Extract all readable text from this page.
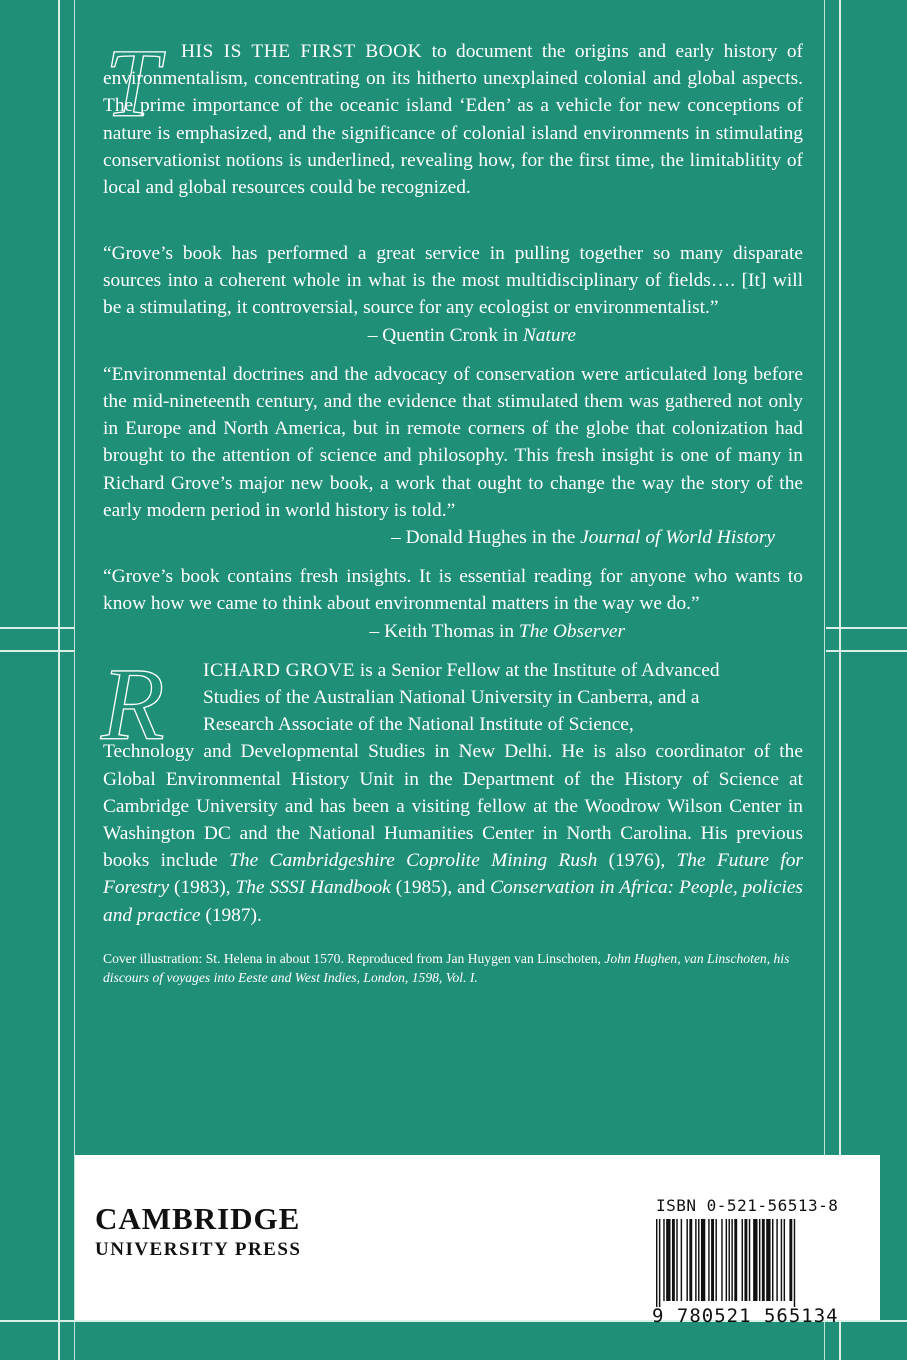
T	HIS IS THE FIRST BOOK to document the origins and early history of environmentalism, concentrating on its hitherto unexplained colonial and global aspects. The prime importance of the oceanic island ‘Eden’ as a vehicle for new conceptions of nature is emphasized, and the significance of colonial island environments in stimulating conservationist notions is underlined, revealing how, for the first time, the limitablitity of local and global resources could be recognized.

“Grove’s book has performed a great service in pulling together so many disparate sources into a coherent whole in what is the most multidisciplinary of fields…. [It] will be a stimulating, it controversial, source for any ecologist or environmentalist.”

– Quentin Cronk in Nature

“Environmental doctrines and the advocacy of conservation were articulated long before the mid-nineteenth century, and the evidence that stimulated them was gathered not only in Europe and North America, but in remote corners of the globe that colonization had brought to the attention of science and philosophy. This fresh insight is one of many in Richard Grove’s major new book, a work that ought to change the way the story of the early modern period in world history is told.”

– Donald Hughes in the Journal of World History

“Grove’s book contains fresh insights. It is essential reading for anyone who wants to know how we came to think about environmental matters in the way we do.”

– Keith Thomas in The Observer

R	ICHARD GROVE is a Senior Fellow at the Institute of Advanced

Studies of the Australian National University in Canberra, and a

Research Associate of the National Institute of Science,

Technology and Developmental Studies in New Delhi. He is also coordinator of the Global Environmental History Unit in the Department of the History of Science at Cambridge University and has been a visiting fellow at the Woodrow Wilson Center in Washington DC and the National Humanities Center in North Carolina. His previous books include The Cambridgeshire Coprolite Mining Rush (1976), The Future for Forestry (1983), The SSSI Handbook (1985), and Conservation in Africa: People, policies and practice (1987).

Cover illustration: St. Helena in about 1570. Reproduced from Jan Huygen van Linschoten, John Hughen, van Linschoten, his discours of voyages into Eeste and West Indies, London, 1598, Vol. I.

CAMBRIDGE
UNIVERSITY PRESS
ISBN 0-521-56513-8
9 780521 565134
